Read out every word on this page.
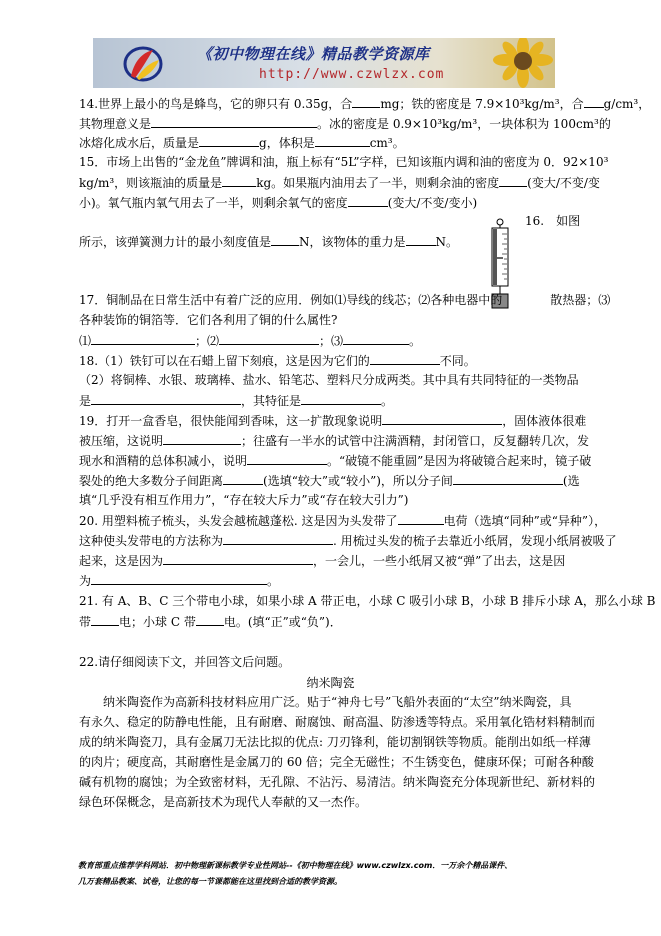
《初中物理在线》精品教学资源库
http://www.czwlzx.com
14.世界上最小的鸟是蜂鸟，它的卵只有 0.35g，合 mg；铁的密度是 7.9×10³kg/m³，合 g/cm³，
其物理意义是	。冰的密度是 0.9×10³kg/m³，一块体积为 100cm³的
冰熔化成水后，质量是	g，体积是	cm³。
15．市场上出售的“金龙鱼”牌调和油，瓶上标有“5L”字样，已知该瓶内调和油的密度为 0．92×10³
kg/m³，则该瓶油的质量是	kg。如果瓶内油用去了一半，则剩余油的密度 (变大/不变/变
小)。氧气瓶内氧气用去了一半，则剩余氧气的密度	(变大/不变/变小)
16.　如图
所示，该弹簧测力计的最小刻度值是 N，该物体的重力是	N。
17．铜制品在日常生活中有着广泛的应用．例如⑴导线的线芯；⑵各种电器中的	散热器；⑶
各种装饰的铜箔等．它们各利用了铜的什么属性?
⑴	；⑵	；⑶	。
18.（1）铁钉可以在石蜡上留下刻痕，这是因为它们的	不同。
（2）将铜棒、水银、玻璃棒、盐水、铅笔芯、塑料尺分成两类。其中具有共同特征的一类物品
是	，其特征是	。
19．打开一盒香皂，很快能闻到香味，这一扩散现象说明	，固体液体很难
被压缩，这说明	；往盛有一半水的试管中注满酒精，封闭管口，反复翻转几次，发
现水和酒精的总体积减小，说明	。“破镜不能重圆”是因为将破镜合起来时，镜子破
裂处的绝大多数分子间距离	(选填“较大”或“较小”)，所以分子间	(选
填“几乎没有相互作用力”，“存在较大斥力”或“存在较大引力”)
20. 用塑料梳子梳头，头发会越梳越蓬松. 这是因为头发带了	电荷（选填“同种”或“异种”），
这种使头发带电的方法称为	. 用梳过头发的梳子去靠近小纸屑，发现小纸屑被吸了
起来，这是因为	，一会儿，一些小纸屑又被“弹”了出去，这是因
为	。
21. 有 A、B、C 三个带电小球，如果小球 A 带正电，小球 C 吸引小球 B，小球 B 排斥小球 A，那么小球 B
带 电；小球 C 带 电。(填“正”或“负”)．
22.请仔细阅读下文，并回答文后问题。
纳米陶瓷
　　纳米陶瓷作为高新科技材料应用广泛。贴于“神舟七号”飞船外表面的“太空”纳米陶瓷，具
有永久、稳定的防静电性能，且有耐磨、耐腐蚀、耐高温、防渗透等特点。采用氧化锆材料精制而
成的纳米陶瓷刀，具有金属刀无法比拟的优点: 刀刃锋利，能切割钢铁等物质。能削出如纸一样薄
的肉片；硬度高，其耐磨性是金属刀的 60 倍；完全无磁性；不生锈变色，健康环保；可耐各种酸
碱有机物的腐蚀；为全致密材料，无孔隙、不沾污、易清洁。纳米陶瓷充分体现新世纪、新材料的
绿色环保概念，是高新技术为现代人奉献的又一杰作。
教育部重点推荐学科网站．初中物理新课标教学专业性网站--《初中物理在线》www.czwlzx.com．一万余个精品课件、
几万套精品教案、试卷，让您的每一节课都能在这里找到合适的教学资源。
